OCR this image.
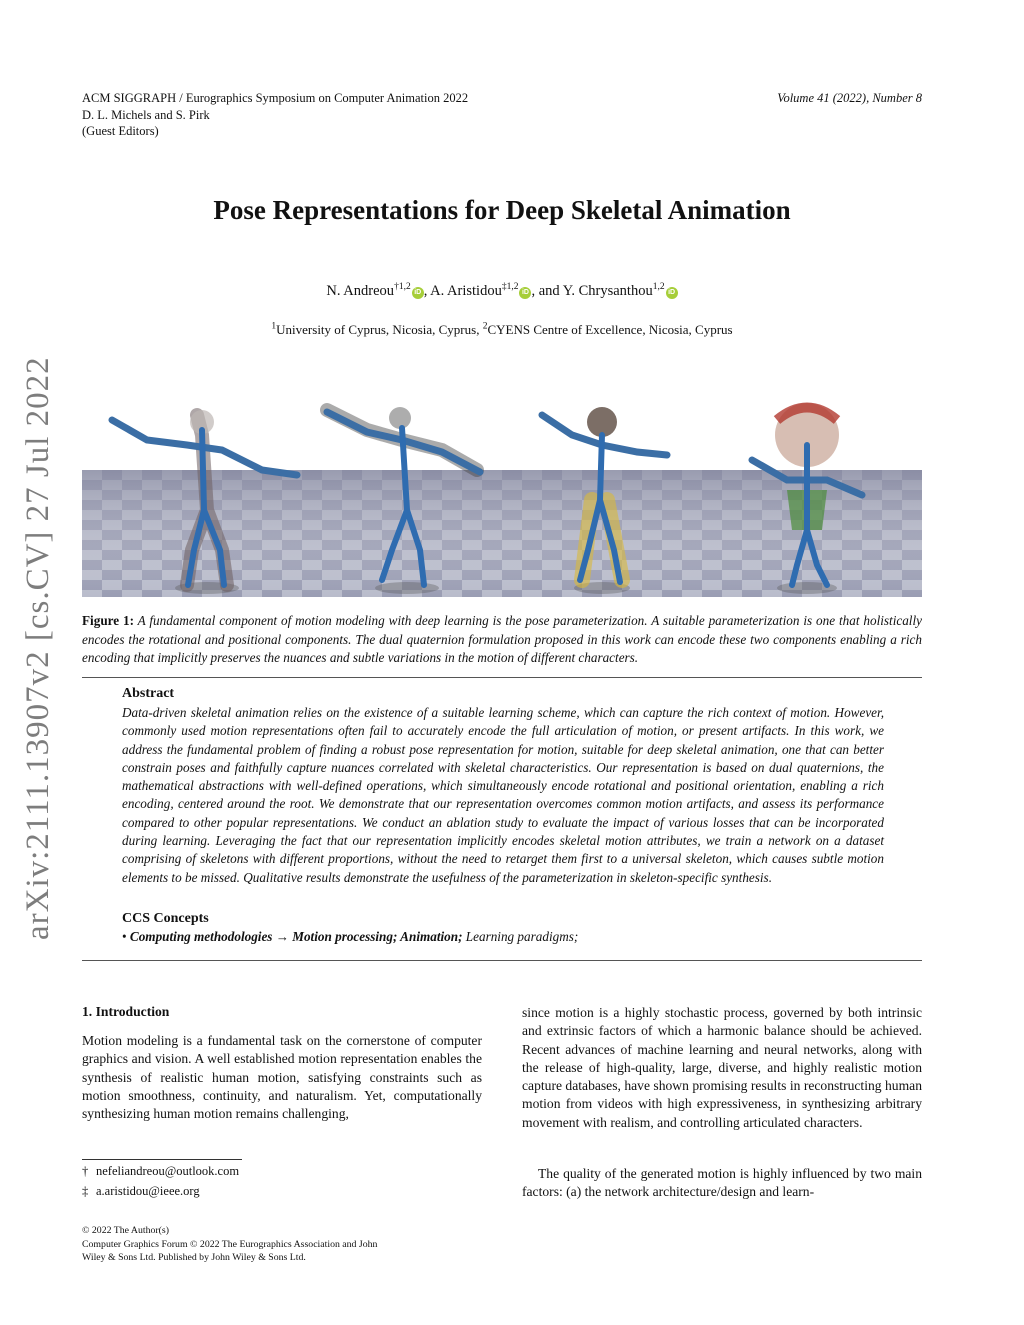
ACM SIGGRAPH / Eurographics Symposium on Computer Animation 2022
D. L. Michels and S. Pirk
(Guest Editors)
Volume 41 (2022), Number 8
arXiv:2111.13907v2 [cs.CV] 27 Jul 2022
Pose Representations for Deep Skeletal Animation
N. Andreou$^{\dagger 1,2}$iD , A. Aristidou$^{\ddagger 1,2}$iD , and Y. Chrysanthou$^{1,2}$iD
$^1$University of Cyprus, Nicosia, Cyprus, $^2$CYENS Centre of Excellence, Nicosia, Cyprus
Figure 1: A fundamental component of motion modeling with deep learning is the pose parameterization. A suitable parameterization is one that holistically encodes the rotational and positional components. The dual quaternion formulation proposed in this work can encode these two components enabling a rich encoding that implicitly preserves the nuances and subtle variations in the motion of different characters.
Abstract
Data-driven skeletal animation relies on the existence of a suitable learning scheme, which can capture the rich context of motion. However, commonly used motion representations often fail to accurately encode the full articulation of motion, or present artifacts. In this work, we address the fundamental problem of finding a robust pose representation for motion, suitable for deep skeletal animation, one that can better constrain poses and faithfully capture nuances correlated with skeletal characteristics. Our representation is based on dual quaternions, the mathematical abstractions with well-defined operations, which simultaneously encode rotational and positional orientation, enabling a rich encoding, centered around the root. We demonstrate that our representation overcomes common motion artifacts, and assess its performance compared to other popular representations. We conduct an ablation study to evaluate the impact of various losses that can be incorporated during learning. Leveraging the fact that our representation implicitly encodes skeletal motion attributes, we train a network on a dataset comprising of skeletons with different proportions, without the need to retarget them first to a universal skeleton, which causes subtle motion elements to be missed. Qualitative results demonstrate the usefulness of the parameterization in skeleton-specific synthesis.
CCS Concepts
• Computing methodologies → Motion processing; Animation; Learning paradigms;
1. Introduction
Motion modeling is a fundamental task on the cornerstone of computer graphics and vision. A well established motion representation enables the synthesis of realistic human motion, satisfying constraints such as motion smoothness, continuity, and naturalism. Yet, computationally synthesizing human motion remains challenging,
since motion is a highly stochastic process, governed by both intrinsic and extrinsic factors of which a harmonic balance should be achieved. Recent advances of machine learning and neural networks, along with the release of high-quality, large, diverse, and highly realistic motion capture databases, have shown promising results in reconstructing human motion from videos with high expressiveness, in synthesizing arbitrary movement with realism, and controlling articulated characters.
The quality of the generated motion is highly influenced by two main factors: (a) the network architecture/design and learn-
† nefeliandreou@outlook.com
‡ a.aristidou@ieee.org
© 2022 The Author(s)
Computer Graphics Forum © 2022 The Eurographics Association and John
Wiley & Sons Ltd. Published by John Wiley & Sons Ltd.
